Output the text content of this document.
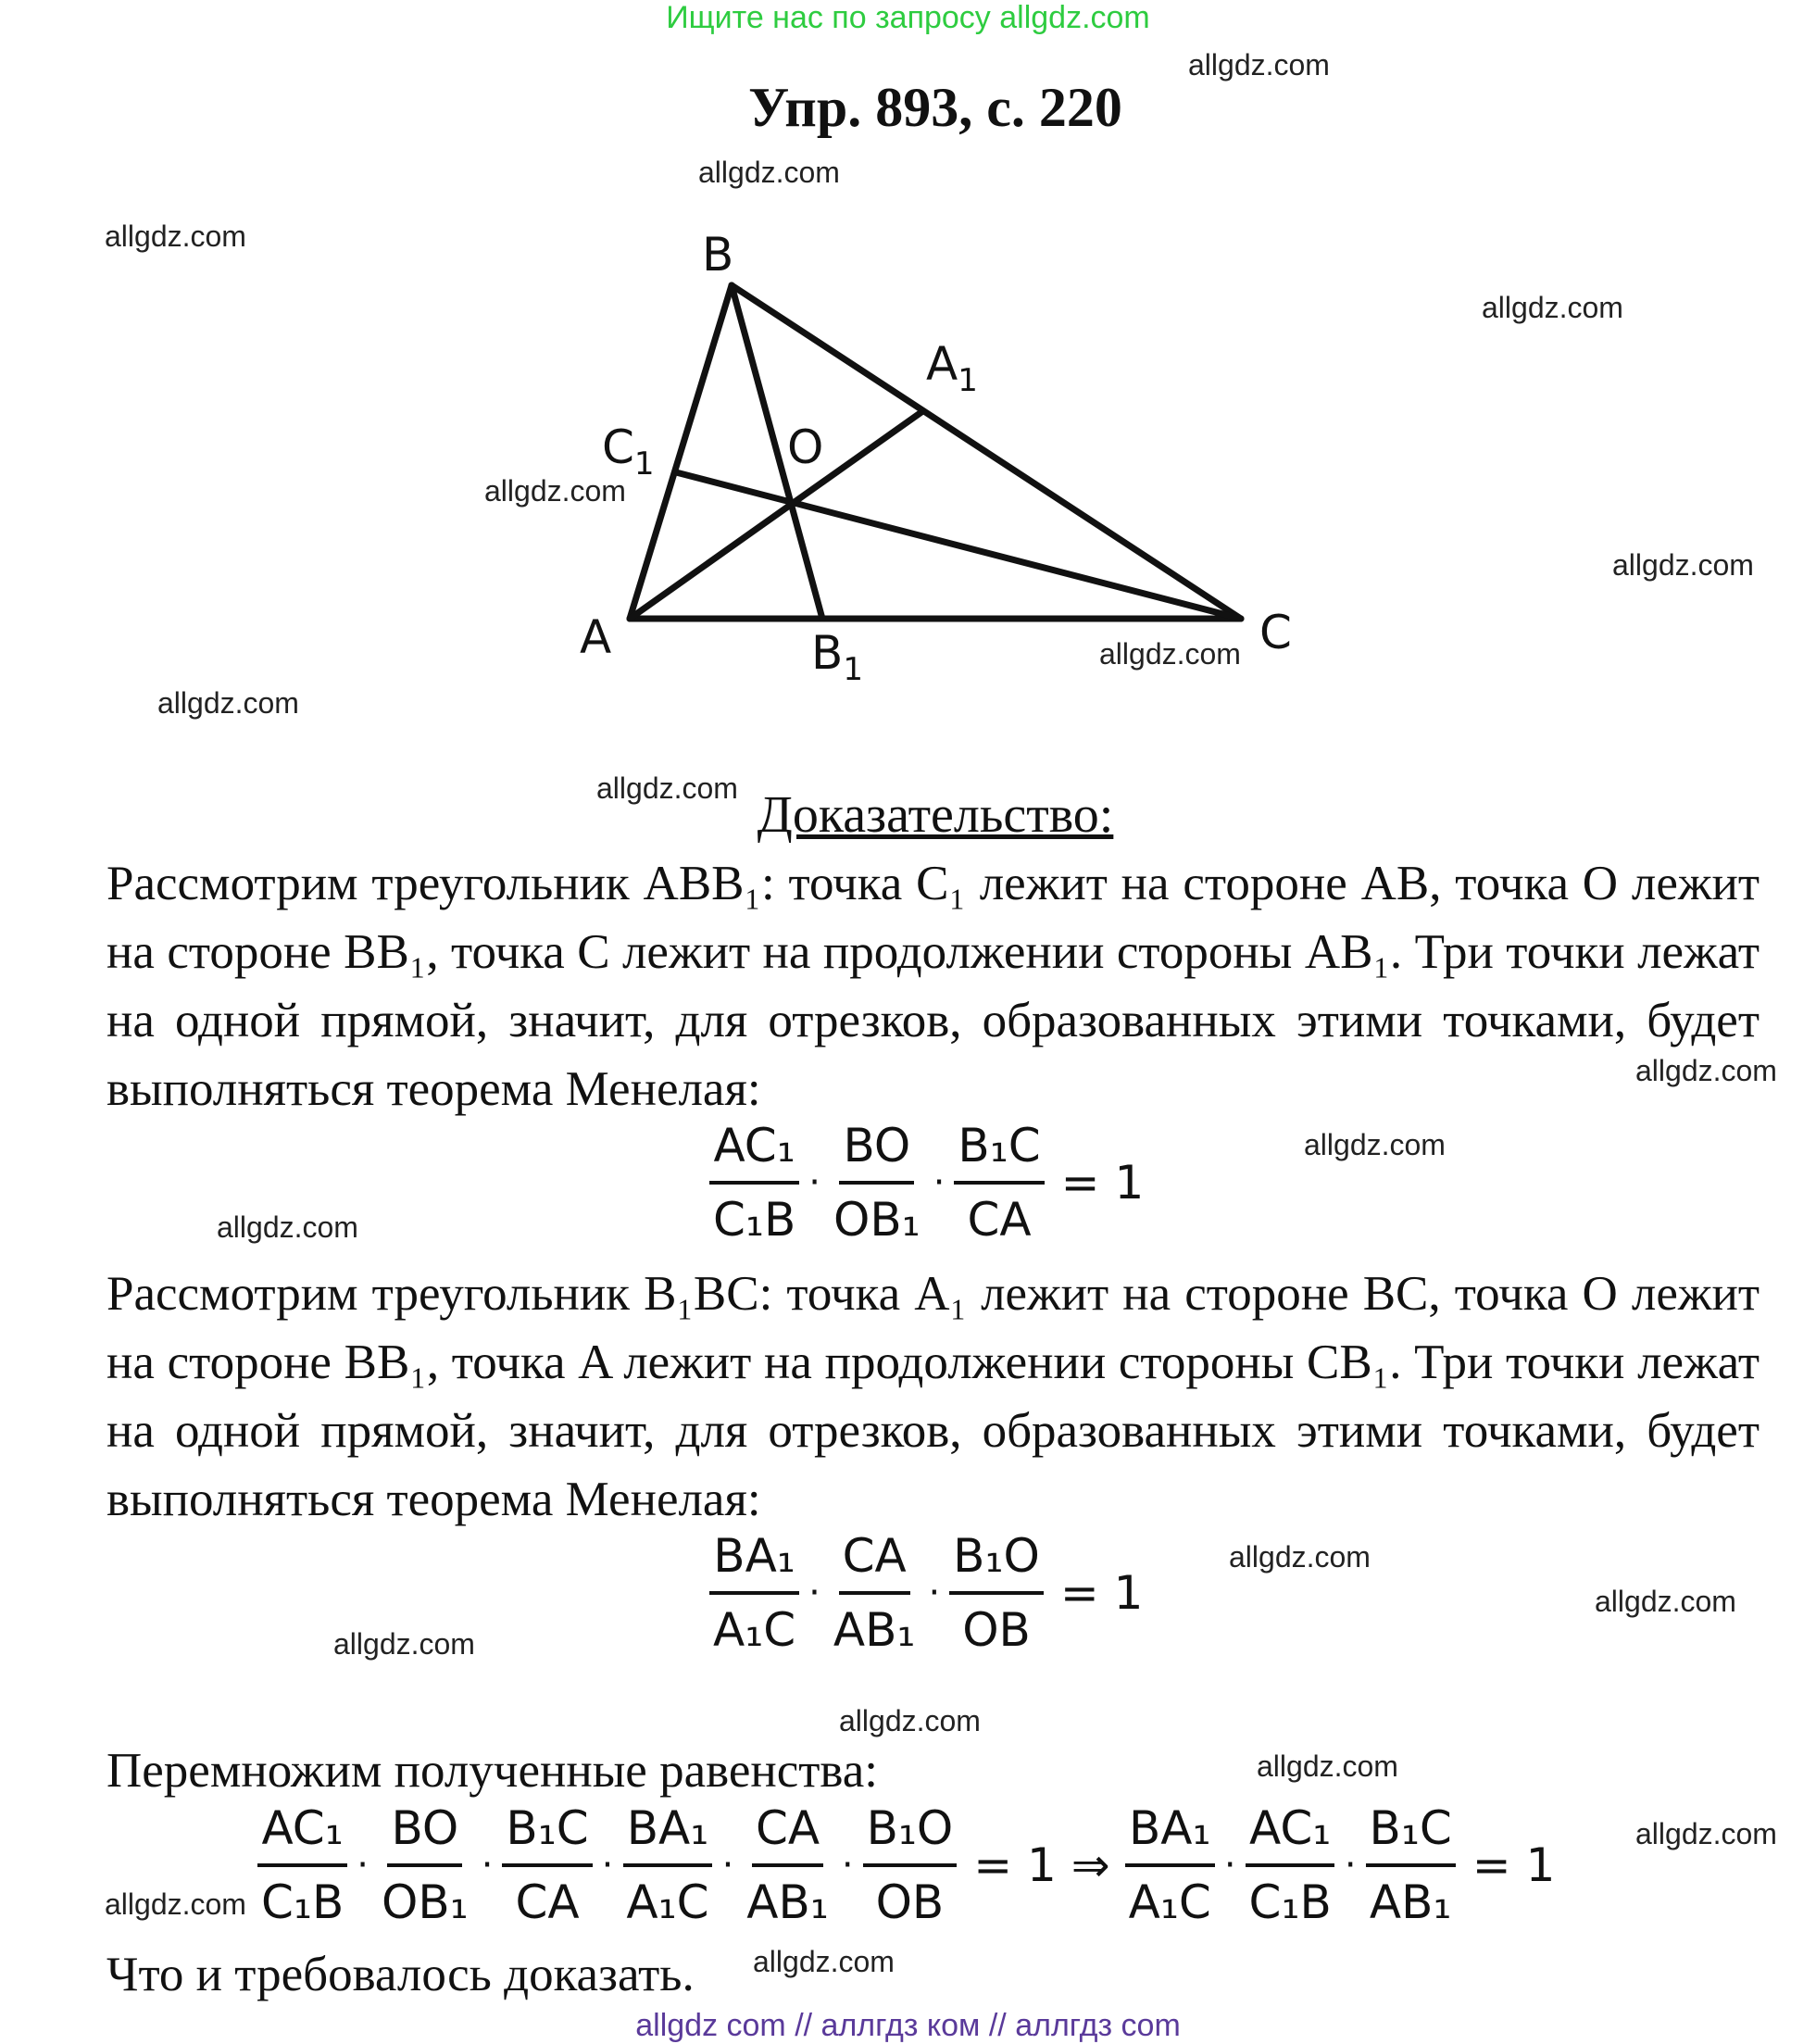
Ищите нас по запросу allgdz.com
Упр. 893, с. 220
B
A	C
O
$A_1$
$C_1$
$B_1$
Доказательство:
Рассмотрим треугольник ABB₁: точка C₁ лежит на стороне AB, точка O лежит на стороне BB₁, точка C лежит на продолжении стороны AB₁. Три точки лежат на одной прямой, значит, для отрезков, образованных этими точками, будет выполняться теорема Менелая:
$\frac{\text{AC₁}}{\text{C₁B}} \cdot \frac{BO}{\text{OB₁}} \cdot \frac{\text{B₁C}}{CA} = 1$
Рассмотрим треугольник B₁BC: точка A₁ лежит на стороне BC, точка O лежит на стороне BB₁, точка A лежит на продолжении стороны CB₁. Три точки лежат на одной прямой, значит, для отрезков, образованных этими точками, будет выполняться теорема Менелая:
$\frac{\text{BA₁}}{\text{A₁C}} \cdot \frac{CA}{\text{AB₁}} \cdot \frac{\text{B₁O}}{OB} = 1$
Перемножим полученные равенства:
$\frac{\text{AC₁}}{\text{C₁B}} \cdot \frac{BO}{\text{OB₁}} \cdot \frac{\text{B₁C}}{CA} \cdot \frac{\text{BA₁}}{\text{A₁C}} \cdot \frac{CA}{\text{AB₁}} \cdot \frac{\text{B₁O}}{OB} = 1$ ⇒ $\frac{\text{BA₁}}{\text{A₁C}} \cdot \frac{\text{AC₁}}{\text{C₁B}} \cdot \frac{\text{B₁C}}{\text{AB₁}} = 1$
Что и требовалось доказать.
allgdz.com
allgdz.com
allgdz.com
allgdz.com
allgdz.com
allgdz.com
allgdz.com
allgdz.com
allgdz.com
allgdz.com
allgdz.com
allgdz.com
allgdz.com
allgdz.com
allgdz.com
allgdz.com
allgdz.com
allgdz.com
allgdz.com
allgdz.com
allgdz com // аллгдз ком // аллгдз com
